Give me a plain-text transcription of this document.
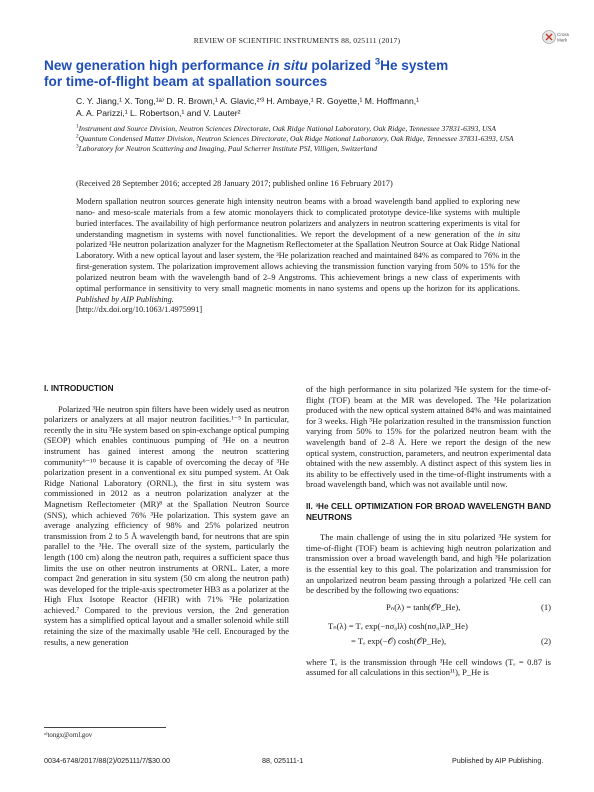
REVIEW OF SCIENTIFIC INSTRUMENTS 88, 025111 (2017)
Cross
Mark
New generation high performance in situ polarized $^3$He system
for time-of-flight beam at spallation sources
C. Y. Jiang,¹ X. Tong,¹ᵃ⁾ D. R. Brown,¹ A. Glavic,²ʹ³ H. Ambaye,¹ R. Goyette,¹ M. Hoffmann,¹
A. A. Parizzi,¹ L. Robertson,¹ and V. Lauter²
$^1$Instrument and Source Division, Neutron Sciences Directorate, Oak Ridge National Laboratory, Oak Ridge, Tennessee 37831-6393, USA
$^2$Quantum Condensed Matter Division, Neutron Sciences Directorate, Oak Ridge National Laboratory, Oak Ridge, Tennessee 37831-6393, USA
$^3$Laboratory for Neutron Scattering and Imaging, Paul Scherrer Institute PSI, Villigen, Switzerland
(Received 28 September 2016; accepted 28 January 2017; published online 16 February 2017)
Modern spallation neutron sources generate high intensity neutron beams with a broad wavelength band applied to exploring new nano- and meso-scale materials from a few atomic monolayers thick to complicated prototype device-like systems with multiple buried interfaces. The availability of high performance neutron polarizers and analyzers in neutron scattering experiments is vital for understanding magnetism in systems with novel functionalities. We report the development of a new generation of the in situ polarized ³He neutron polarization analyzer for the Magnetism Reflectometer at the Spallation Neutron Source at Oak Ridge National Laboratory. With a new optical layout and laser system, the ³He polarization reached and maintained 84% as compared to 76% in the first-generation system. The polarization improvement allows achieving the transmission function varying from 50% to 15% for the polarized neutron beam with the wavelength band of 2–9 Angstroms. This achievement brings a new class of experiments with optimal performance in sensitivity to very small magnetic moments in nano systems and opens up the horizon for its applications. Published by AIP Publishing.
[http://dx.doi.org/10.1063/1.4975991]
I. INTRODUCTION

Polarized ³He neutron spin filters have been widely used as neutron polarizers or analyzers at all major neutron facilities.¹⁻⁵ In particular, recently the in situ ³He system based on spin-exchange optical pumping (SEOP) which enables continuous pumping of ³He on a neutron instrument has gained interest among the neutron scattering community⁶⁻¹⁰ because it is capable of overcoming the decay of ³He polarization present in a conventional ex situ pumped system. At Oak Ridge National Laboratory (ORNL), the first in situ system was commissioned in 2012 as a neutron polarization analyzer at the Magnetism Reflectometer (MR)⁸ at the Spallation Neutron Source (SNS), which achieved 76% ³He polarization. This system gave an average analyzing efficiency of 98% and 25% polarized neutron transmission from 2 to 5 Å wavelength band, for neutrons that are spin parallel to the ³He. The overall size of the system, particularly the length (100 cm) along the neutron path, requires a sufficient space thus limits the use on other neutron instruments at ORNL. Later, a more compact 2nd generation in situ system (50 cm along the neutron path) was developed for the triple-axis spectrometer HB3 as a polarizer at the High Flux Isotope Reactor (HFIR) with 71% ³He polarization achieved.⁷ Compared to the previous version, the 2nd generation system has a simplified optical layout and a smaller solenoid while still retaining the size of the maximally usable ³He cell. Encouraged by the results, a new generation

of the high performance in situ polarized ³He system for the time-of-flight (TOF) beam at the MR was developed. The ³He polarization produced with the new optical system attained 84% and was maintained for 3 weeks. High ³He polarization resulted in the transmission function varying from 50% to 15% for the polarized neutron beam with the wavelength band of 2–8 Å. Here we report the design of the new optical system, construction, parameters, and neutron experimental data obtained with the new assembly. A distinct aspect of this system lies in its ability to be effectively used in the time-of-flight instruments with a broad wavelength band, which was not available until now.

II. ³He CELL OPTIMIZATION FOR BROAD WAVELENGTH BAND NEUTRONS

The main challenge of using the in situ polarized ³He system for time-of-flight (TOF) beam is achieving high neutron polarization and transmission over a broad wavelength band, and high ³He polarization is the essential key to this goal. The polarization and transmission for an unpolarized neutron beam passing through a polarized ³He cell can be described by the following two equations:

Pₙ(λ) = tanh(𝒪P_He),	(1)
Tₙ(λ) = Tₑ exp(−nσ₀lλ) cosh(nσ₀lλP_He)
= Tₑ exp(−𝒪) cosh(𝒪P_He),	(2)

where Tₑ is the transmission through ³He cell windows (Tₑ = 0.87 is assumed for all calculations in this section¹¹), P_He is

ᵃ⁾tongx@ornl.gov
0034-6748/2017/88(2)/025111/7/$30.00	88, 025111-1	Published by AIP Publishing.
